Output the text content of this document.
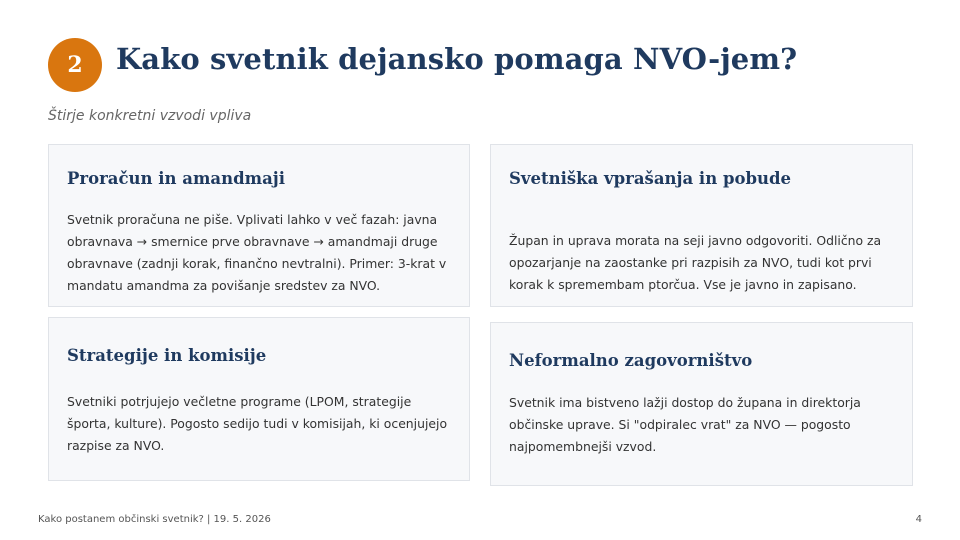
2	Kako svetnik dejansko pomaga NVO-jem?
Štirje konkretni vzvodi vpliva
Proračun in amandmaji

Svetnik proračuna ne piše. Vplivati lahko v več fazah: javna obravnava → smernice prve obravnave → amandmaji druge obravnave (zadnji korak, finančno nevtralni). Primer: 3-krat v mandatu amandma za povišanje sredstev za NVO.

Svetniška vprašanja in pobude

Župan in uprava morata na seji javno odgovoriti. Odlično za opozarjanje na zaostanke pri razpisih za NVO, tudi kot prvi korak k spremembam ptorčua. Vse je javno in zapisano.

Strategije in komisije

Svetniki potrjujejo večletne programe (LPOM, strategije športa, kulture). Pogosto sedijo tudi v komisijah, ki ocenjujejo razpise za NVO.

Neformalno zagovorništvo

Svetnik ima bistveno lažji dostop do župana in direktorja občinske uprave. Si "odpiralec vrat" za NVO — pogosto najpomembnejši vzvod.

Kako postanem občinski svetnik? | 19. 5. 2026	4
